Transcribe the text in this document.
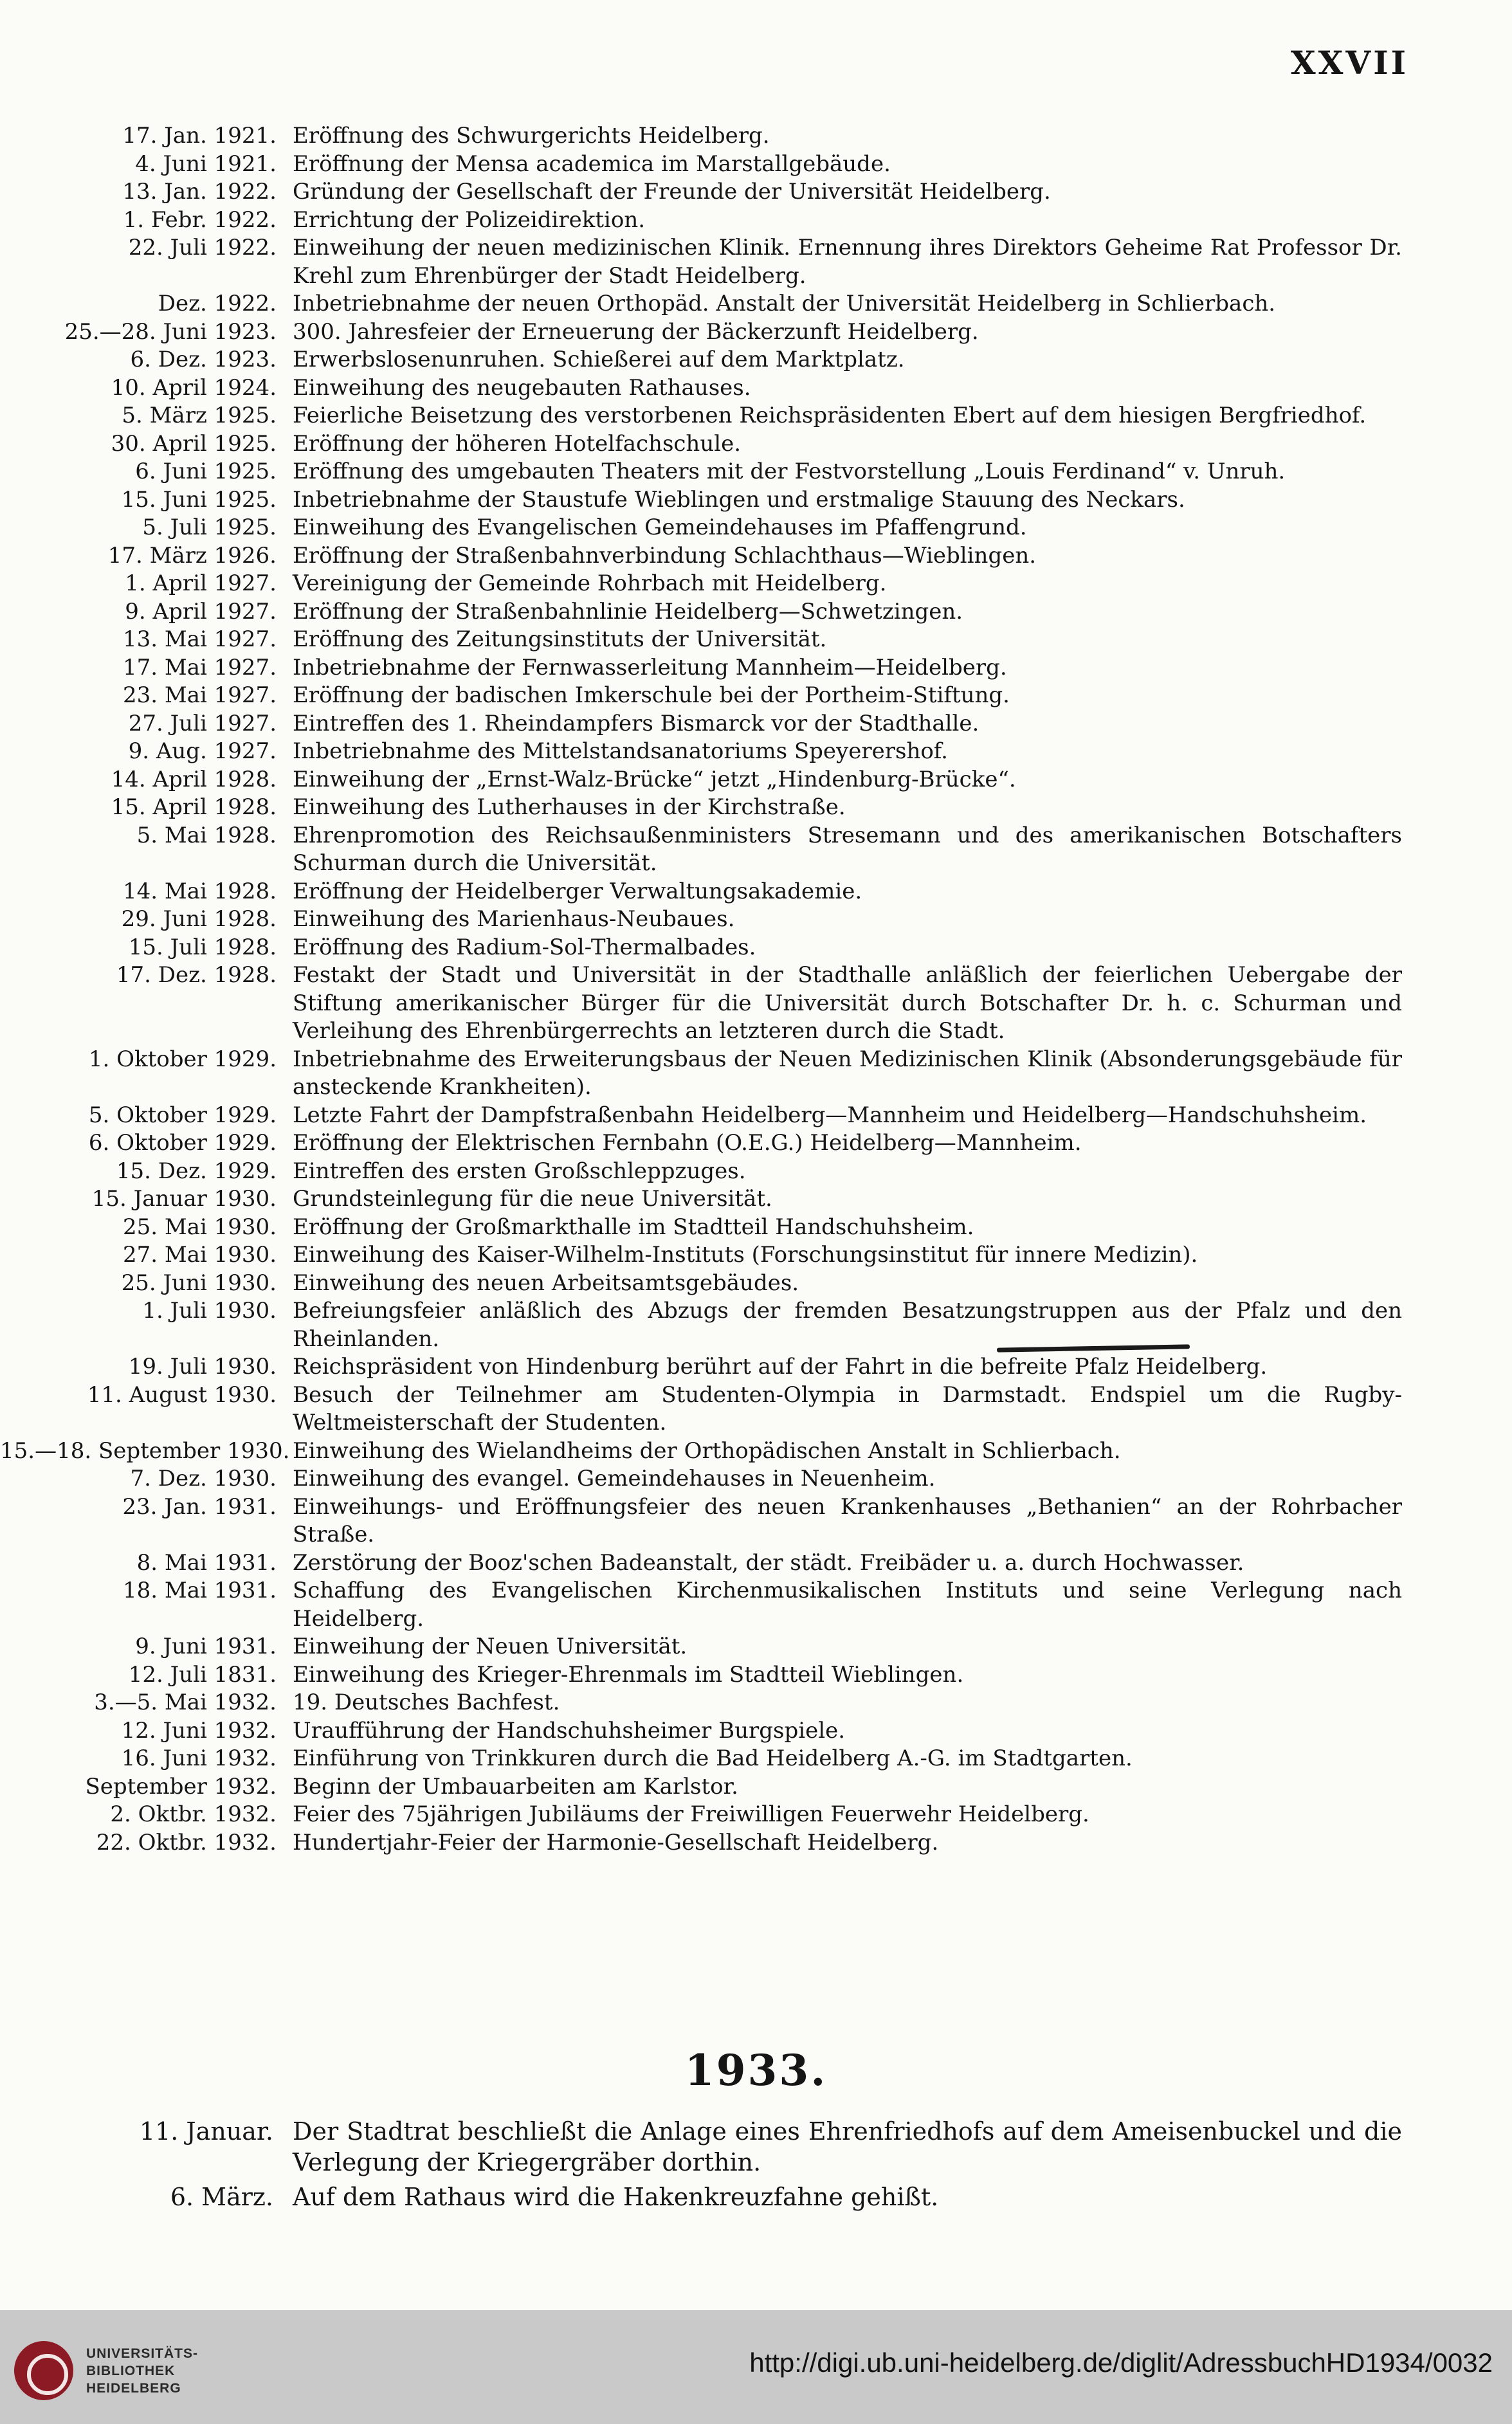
XXVII
17. Jan. 1921. Eröffnung des Schwurgerichts Heidelberg.
4. Juni 1921. Eröffnung der Mensa academica im Marstallgebäude.
13. Jan. 1922. Gründung der Gesellschaft der Freunde der Universität Heidelberg.
1. Febr. 1922. Errichtung der Polizeidirektion.
22. Juli 1922. Einweihung der neuen medizinischen Klinik. Ernennung ihres Direktors Geheime Rat Professor Dr. Krehl zum Ehrenbürger der Stadt Heidelberg.
Dez. 1922. Inbetriebnahme der neuen Orthopäd. Anstalt der Universität Heidelberg in Schlierbach.
25.—28. Juni 1923. 300. Jahresfeier der Erneuerung der Bäckerzunft Heidelberg.
6. Dez. 1923. Erwerbslosenunruhen. Schießerei auf dem Marktplatz.
10. April 1924. Einweihung des neugebauten Rathauses.
5. März 1925. Feierliche Beisetzung des verstorbenen Reichspräsidenten Ebert auf dem hiesigen Bergfriedhof.
30. April 1925. Eröffnung der höheren Hotelfachschule.
6. Juni 1925. Eröffnung des umgebauten Theaters mit der Festvorstellung „Louis Ferdinand“ v. Unruh.
15. Juni 1925. Inbetriebnahme der Staustufe Wieblingen und erstmalige Stauung des Neckars.
5. Juli 1925. Einweihung des Evangelischen Gemeindehauses im Pfaffengrund.
17. März 1926. Eröffnung der Straßenbahnverbindung Schlachthaus—Wieblingen.
1. April 1927. Vereinigung der Gemeinde Rohrbach mit Heidelberg.
9. April 1927. Eröffnung der Straßenbahnlinie Heidelberg—Schwetzingen.
13. Mai 1927. Eröffnung des Zeitungsinstituts der Universität.
17. Mai 1927. Inbetriebnahme der Fernwasserleitung Mannheim—Heidelberg.
23. Mai 1927. Eröffnung der badischen Imkerschule bei der Portheim-Stiftung.
27. Juli 1927. Eintreffen des 1. Rheindampfers Bismarck vor der Stadthalle.
9. Aug. 1927. Inbetriebnahme des Mittelstandsanatoriums Speyerershof.
14. April 1928. Einweihung der „Ernst-Walz-Brücke“ jetzt „Hindenburg-Brücke“.
15. April 1928. Einweihung des Lutherhauses in der Kirchstraße.
5. Mai 1928. Ehrenpromotion des Reichsaußenministers Stresemann und des amerikanischen Botschafters Schurman durch die Universität.
14. Mai 1928. Eröffnung der Heidelberger Verwaltungsakademie.
29. Juni 1928. Einweihung des Marienhaus-Neubaues.
15. Juli 1928. Eröffnung des Radium-Sol-Thermalbades.
17. Dez. 1928. Festakt der Stadt und Universität in der Stadthalle anläßlich der feierlichen Uebergabe der Stiftung amerikanischer Bürger für die Universität durch Botschafter Dr. h. c. Schurman und Verleihung des Ehrenbürgerrechts an letzteren durch die Stadt.
1. Oktober 1929. Inbetriebnahme des Erweiterungsbaus der Neuen Medizinischen Klinik (Absonderungsgebäude für ansteckende Krankheiten).
5. Oktober 1929. Letzte Fahrt der Dampfstraßenbahn Heidelberg—Mannheim und Heidelberg—Handschuhsheim.
6. Oktober 1929. Eröffnung der Elektrischen Fernbahn (O.E.G.) Heidelberg—Mannheim.
15. Dez. 1929. Eintreffen des ersten Großschleppzuges.
15. Januar 1930. Grundsteinlegung für die neue Universität.
25. Mai 1930. Eröffnung der Großmarkthalle im Stadtteil Handschuhsheim.
27. Mai 1930. Einweihung des Kaiser-Wilhelm-Instituts (Forschungsinstitut für innere Medizin).
25. Juni 1930. Einweihung des neuen Arbeitsamtsgebäudes.
1. Juli 1930. Befreiungsfeier anläßlich des Abzugs der fremden Besatzungstruppen aus der Pfalz und den Rheinlanden.
19. Juli 1930. Reichspräsident von Hindenburg berührt auf der Fahrt in die befreite Pfalz Heidelberg.
11. August 1930. Besuch der Teilnehmer am Studenten-Olympia in Darmstadt. Endspiel um die Rugby-Weltmeisterschaft der Studenten.
15.—18. September 1930. Einweihung des Wielandheims der Orthopädischen Anstalt in Schlierbach.
7. Dez. 1930. Einweihung des evangel. Gemeindehauses in Neuenheim.
23. Jan. 1931. Einweihungs- und Eröffnungsfeier des neuen Krankenhauses „Bethanien“ an der Rohrbacher Straße.
8. Mai 1931. Zerstörung der Booz'schen Badeanstalt, der städt. Freibäder u. a. durch Hochwasser.
18. Mai 1931. Schaffung des Evangelischen Kirchenmusikalischen Instituts und seine Verlegung nach Heidelberg.
9. Juni 1931. Einweihung der Neuen Universität.
12. Juli 1831. Einweihung des Krieger-Ehrenmals im Stadtteil Wieblingen.
3.—5. Mai 1932. 19. Deutsches Bachfest.
12. Juni 1932. Uraufführung der Handschuhsheimer Burgspiele.
16. Juni 1932. Einführung von Trinkkuren durch die Bad Heidelberg A.-G. im Stadtgarten.
September 1932. Beginn der Umbauarbeiten am Karlstor.
2. Oktbr. 1932. Feier des 75jährigen Jubiläums der Freiwilligen Feuerwehr Heidelberg.
22. Oktbr. 1932. Hundertjahr-Feier der Harmonie-Gesellschaft Heidelberg.
1933.
11. Januar. Der Stadtrat beschließt die Anlage eines Ehrenfriedhofs auf dem Ameisenbuckel und die Verlegung der Kriegergräber dorthin.
6. März. Auf dem Rathaus wird die Hakenkreuzfahne gehißt.
UNIVERSITÄTS-
BIBLIOTHEK
HEIDELBERG
http://digi.ub.uni-heidelberg.de/diglit/AdressbuchHD1934/0032
